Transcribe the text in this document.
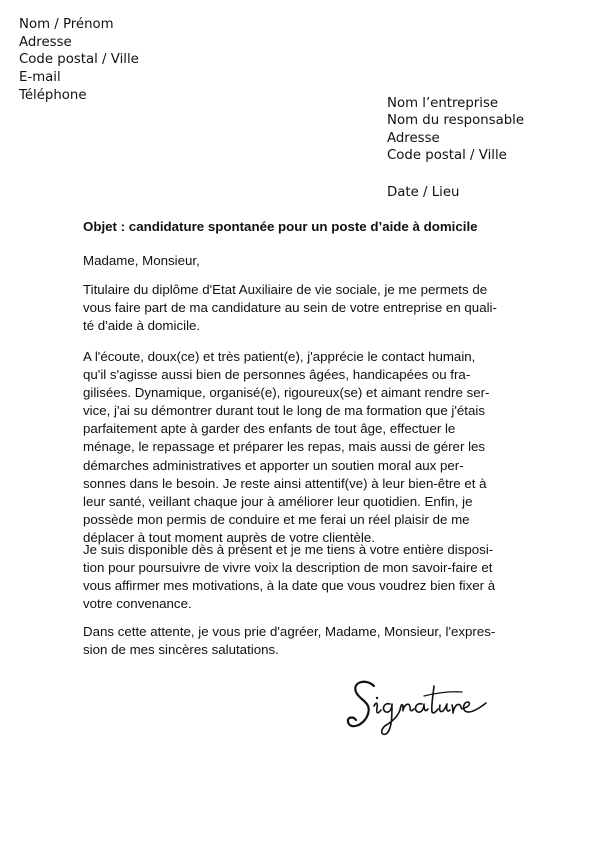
Nom / Prénom
Adresse
Code postal / Ville
E-mail
Téléphone
Nom l’entreprise
Nom du responsable
Adresse
Code postal / Ville
Date / Lieu
Objet : candidature spontanée pour un poste d’aide à domicile
Madame, Monsieur,
Titulaire du diplôme d'Etat Auxiliaire de vie sociale, je me permets de
vous faire part de ma candidature au sein de votre entreprise en quali-
té d'aide à domicile.
A l'écoute, doux(ce) et très patient(e), j'apprécie le contact humain,
qu'il s'agisse aussi bien de personnes âgées, handicapées ou fra-
gilisées. Dynamique, organisé(e), rigoureux(se) et aimant rendre ser-
vice, j'ai su démontrer durant tout le long de ma formation que j'étais
parfaitement apte à garder des enfants de tout âge, effectuer le
ménage, le repassage et préparer les repas, mais aussi de gérer les
démarches administratives et apporter un soutien moral aux per-
sonnes dans le besoin. Je reste ainsi attentif(ve) à leur bien-être et à
leur santé, veillant chaque jour à améliorer leur quotidien. Enfin, je
possède mon permis de conduire et me ferai un réel plaisir de me
déplacer à tout moment auprès de votre clientèle.
Je suis disponible dès à présent et je me tiens à votre entière disposi-
tion pour poursuivre de vivre voix la description de mon savoir-faire et
vous affirmer mes motivations, à la date que vous voudrez bien fixer à
votre convenance.
Dans cette attente, je vous prie d'agréer, Madame, Monsieur, l'expres-
sion de mes sincères salutations.
